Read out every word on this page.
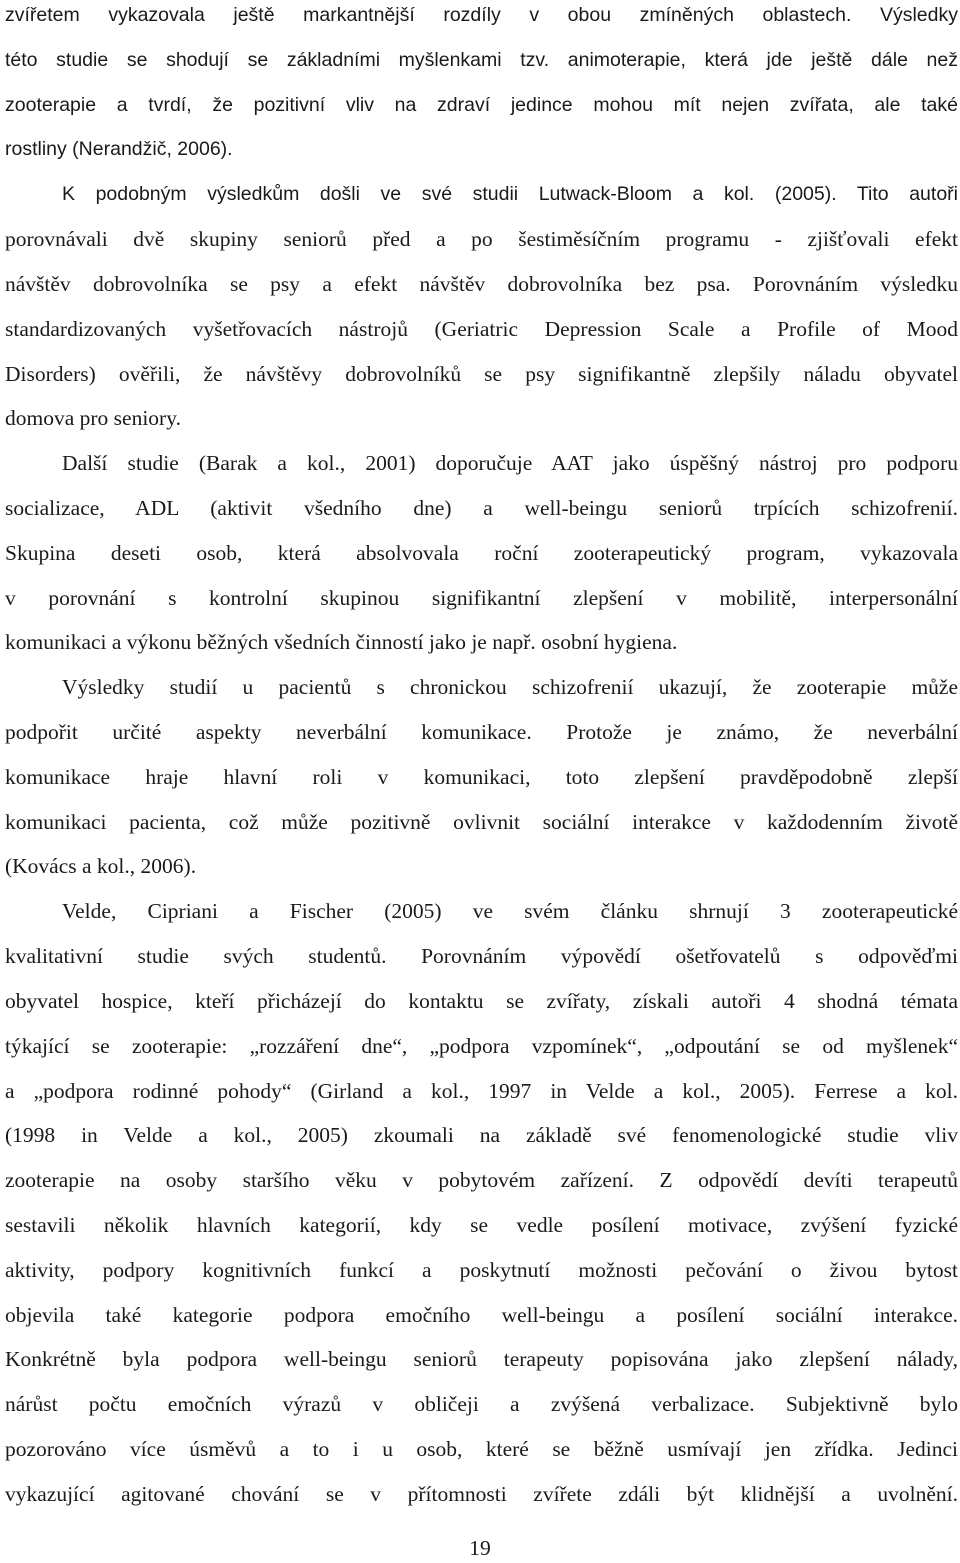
zvířetem vykazovala ještě markantnější rozdíly v obou zmíněných oblastech. Výsledky
této studie se shodují se základními myšlenkami tzv. animoterapie, která jde ještě dále než
zooterapie a tvrdí, že pozitivní vliv na zdraví jedince mohou mít nejen zvířata, ale také
rostliny (Nerandžič, 2006).
K podobným výsledkům došli ve své studii Lutwack-Bloom a kol. (2005). Tito autoři
porovnávali dvě skupiny seniorů před a po šestiměsíčním programu - zjišťovali efekt
návštěv dobrovolníka se psy a efekt návštěv dobrovolníka bez psa. Porovnáním výsledku
standardizovaných vyšetřovacích nástrojů (Geriatric Depression Scale a Profile of Mood
Disorders) ověřili, že návštěvy dobrovolníků se psy signifikantně zlepšily náladu obyvatel
domova pro seniory.
Další studie (Barak a kol., 2001) doporučuje AAT jako úspěšný nástroj pro podporu
socializace, ADL (aktivit všedního dne) a well-beingu seniorů trpících schizofrenií.
Skupina deseti osob, která absolvovala roční zooterapeutický program, vykazovala
v porovnání s kontrolní skupinou signifikantní zlepšení v mobilitě, interpersonální
komunikaci a výkonu běžných všedních činností jako je např. osobní hygiena.
Výsledky studií u pacientů s chronickou schizofrenií ukazují, že zooterapie může
podpořit určité aspekty neverbální komunikace. Protože je známo, že neverbální
komunikace hraje hlavní roli v komunikaci, toto zlepšení pravděpodobně zlepší
komunikaci pacienta, což může pozitivně ovlivnit sociální interakce v každodenním životě
(Kovács a kol., 2006).
Velde, Cipriani a Fischer (2005) ve svém článku shrnují 3 zooterapeutické
kvalitativní studie svých studentů. Porovnáním výpovědí ošetřovatelů s odpověďmi
obyvatel hospice, kteří přicházejí do kontaktu se zvířaty, získali autoři 4 shodná témata
týkající se zooterapie: „rozzáření dne“, „podpora vzpomínek“, „odpoutání se od myšlenek“
a „podpora rodinné pohody“ (Girland a kol., 1997 in Velde a kol., 2005). Ferrese a kol.
(1998 in Velde a kol., 2005) zkoumali na základě své fenomenologické studie vliv
zooterapie na osoby staršího věku v pobytovém zařízení. Z odpovědí devíti terapeutů
sestavili několik hlavních kategorií, kdy se vedle posílení motivace, zvýšení fyzické
aktivity, podpory kognitivních funkcí a poskytnutí možnosti pečování o živou bytost
objevila také kategorie podpora emočního well-beingu a posílení sociální interakce.
Konkrétně byla podpora well-beingu seniorů terapeuty popisována jako zlepšení nálady,
nárůst počtu emočních výrazů v obličeji a zvýšená verbalizace. Subjektivně bylo
pozorováno více úsměvů a to i u osob, které se běžně usmívají jen zřídka. Jedinci
vykazující agitované chování se v přítomnosti zvířete zdáli být klidnější a uvolnění.
19
